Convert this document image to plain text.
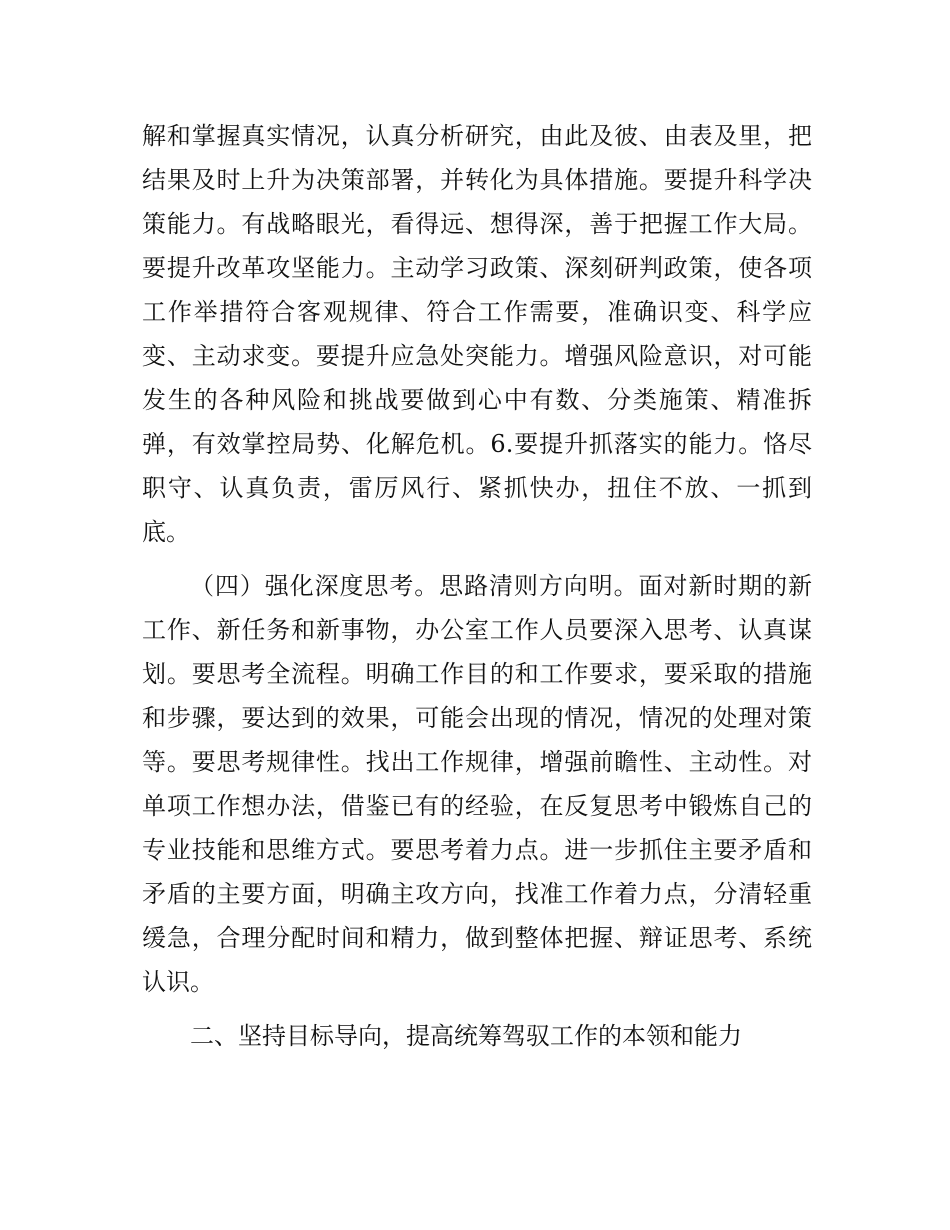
解和掌握真实情况，认真分析研究，由此及彼、由表及里，把
结果及时上升为决策部署，并转化为具体措施。要提升科学决
策能力。有战略眼光，看得远、想得深，善于把握工作大局。
要提升改革攻坚能力。主动学习政策、深刻研判政策，使各项
工作举措符合客观规律、符合工作需要，准确识变、科学应
变、主动求变。要提升应急处突能力。增强风险意识，对可能
发生的各种风险和挑战要做到心中有数、分类施策、精准拆
弹，有效掌控局势、化解危机。6.要提升抓落实的能力。恪尽
职守、认真负责，雷厉风行、紧抓快办，扭住不放、一抓到
底。
（四）强化深度思考。思路清则方向明。面对新时期的新
工作、新任务和新事物，办公室工作人员要深入思考、认真谋
划。要思考全流程。明确工作目的和工作要求，要采取的措施
和步骤，要达到的效果，可能会出现的情况，情况的处理对策
等。要思考规律性。找出工作规律，增强前瞻性、主动性。对
单项工作想办法，借鉴已有的经验，在反复思考中锻炼自己的
专业技能和思维方式。要思考着力点。进一步抓住主要矛盾和
矛盾的主要方面，明确主攻方向，找准工作着力点，分清轻重
缓急，合理分配时间和精力，做到整体把握、辩证思考、系统
认识。
二、坚持目标导向，提高统筹驾驭工作的本领和能力
